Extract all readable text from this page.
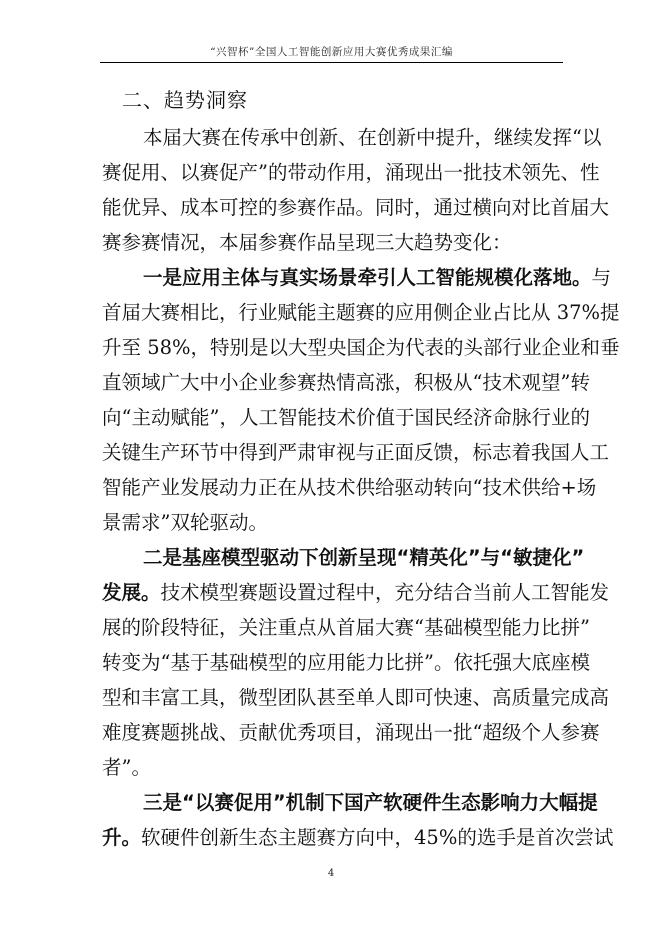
“兴智杯”全国人工智能创新应用大赛优秀成果汇编
二、趋势洞察
本届大赛在传承中创新、在创新中提升，继续发挥“以
赛促用、以赛促产”的带动作用，涌现出一批技术领先、性
能优异、成本可控的参赛作品。同时，通过横向对比首届大
赛参赛情况，本届参赛作品呈现三大趋势变化：
一是应用主体与真实场景牵引人工智能规模化落地。与
首届大赛相比，行业赋能主题赛的应用侧企业占比从 37%提
升至 58%，特别是以大型央国企为代表的头部行业企业和垂
直领域广大中小企业参赛热情高涨，积极从“技术观望”转
向“主动赋能”，人工智能技术价值于国民经济命脉行业的
关键生产环节中得到严肃审视与正面反馈，标志着我国人工
智能产业发展动力正在从技术供给驱动转向“技术供给+场
景需求”双轮驱动。
二是基座模型驱动下创新呈现“精英化”与“敏捷化”
发展。技术模型赛题设置过程中，充分结合当前人工智能发
展的阶段特征，关注重点从首届大赛“基础模型能力比拼”
转变为“基于基础模型的应用能力比拼”。依托强大底座模
型和丰富工具，微型团队甚至单人即可快速、高质量完成高
难度赛题挑战、贡献优秀项目，涌现出一批“超级个人参赛
者”。
三是“以赛促用”机制下国产软硬件生态影响力大幅提
升。软硬件创新生态主题赛方向中，45%的选手是首次尝试
4
